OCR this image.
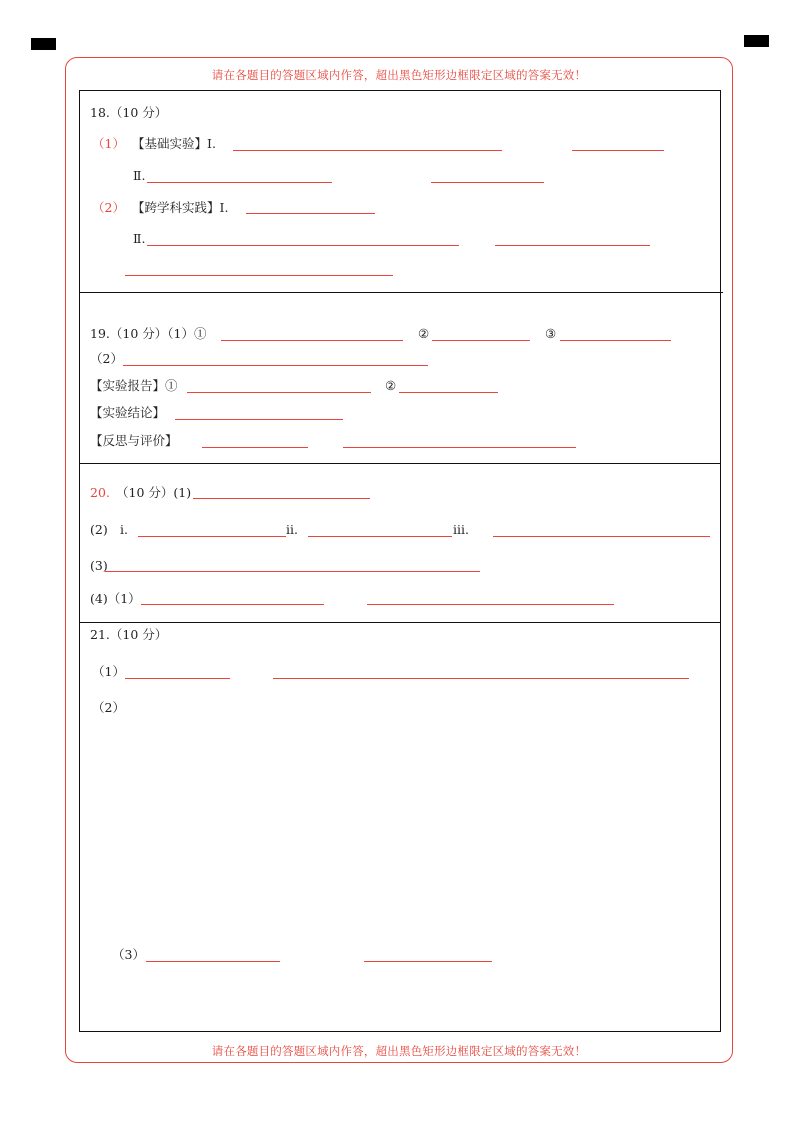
请在各题目的答题区域内作答，超出黑色矩形边框限定区域的答案无效！
请在各题目的答题区域内作答，超出黑色矩形边框限定区域的答案无效！
18.（10 分）
（1） 【基础实验】Ⅰ.
Ⅱ.
（2） 【跨学科实践】Ⅰ.
Ⅱ.
19.（10 分）（1）①	②	③
（2）
【实验报告】①	②
【实验结论】
【反思与评价】
20. （10 分）(1)
(2) i.	ii.	iii.
(3)
(4)（1）
21.（10 分）
（1）
（2）
（3）
